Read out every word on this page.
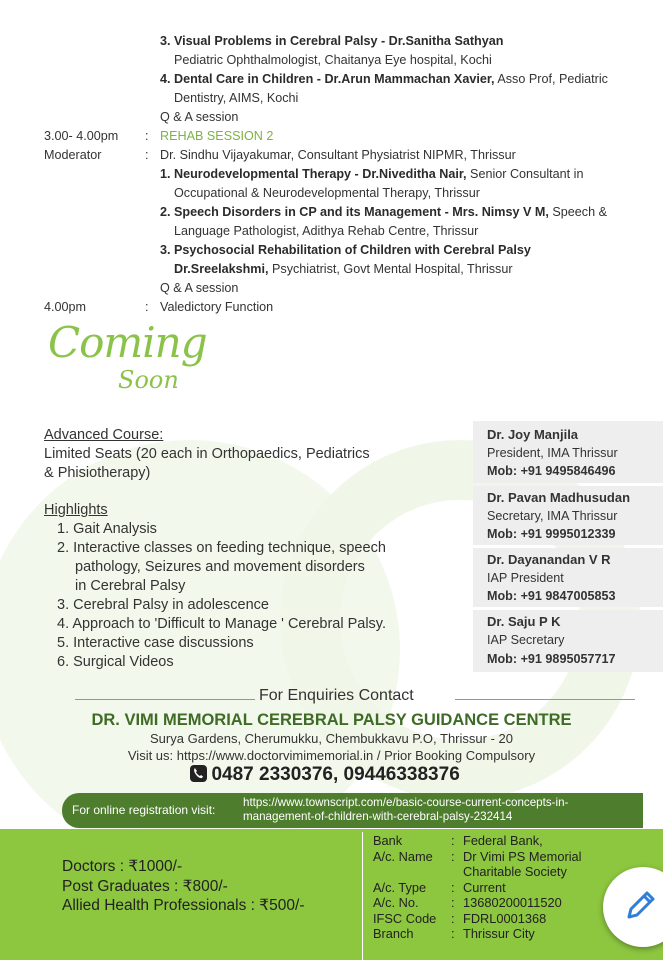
3. Visual Problems in Cerebral Palsy - Dr.Sanitha Sathyan
Pediatric Ophthalmologist, Chaitanya Eye hospital, Kochi
4. Dental Care in Children - Dr.Arun Mammachan Xavier, Asso Prof, Pediatric
Dentistry, AIMS, Kochi
Q & A session
3.00- 4.00pm : REHAB SESSION 2
Moderator	: Dr. Sindhu Vijayakumar, Consultant Physiatrist NIPMR, Thrissur
1. Neurodevelopmental Therapy - Dr.Niveditha Nair, Senior Consultant in
Occupational & Neurodevelopmental Therapy, Thrissur
2. Speech Disorders in CP and its Management - Mrs. Nimsy V M, Speech &
Language Pathologist, Adithya Rehab Centre, Thrissur
3. Psychosocial Rehabilitation of Children with Cerebral Palsy
Dr.Sreelakshmi, Psychiatrist, Govt Mental Hospital, Thrissur
Q & A session
4.00pm	: Valedictory Function
Coming
Soon
Advanced Course:
Limited Seats (20 each in Orthopaedics, Pediatrics
& Phisiotherapy)
Highlights
1. Gait Analysis
2. Interactive classes on feeding technique, speech
pathology, Seizures and movement disorders
in Cerebral Palsy
3. Cerebral Palsy in adolescence
4. Approach to 'Difficult to Manage ' Cerebral Palsy.
5. Interactive case discussions
6. Surgical Videos
Dr. Joy Manjila
President, IMA Thrissur
Mob: +91 9495846496
Dr. Pavan Madhusudan
Secretary, IMA Thrissur
Mob: +91 9995012339
Dr. Dayanandan V R
IAP President
Mob: +91 9847005853
Dr. Saju P K
IAP Secretary
Mob: +91 9895057717
For Enquiries Contact
DR. VIMI MEMORIAL CEREBRAL PALSY GUIDANCE CENTRE
Surya Gardens, Cherumukku, Chembukkavu P.O, Thrissur - 20
Visit us: https://www.doctorvimimemorial.in / Prior Booking Compulsory
0487 2330376, 09446338376
For online registration visit:
https://www.townscript.com/e/basic-course-current-concepts-in-
management-of-children-with-cerebral-palsy-232414
Doctors : ₹1000/-
Post Graduates : ₹800/-
Allied Health Professionals : ₹500/-
Bank	:	Federal Bank,
A/c. Name	:	Dr Vimi PS Memorial
		Charitable Society
A/c. Type	:	Current
A/c. No.	:	13680200011520
IFSC Code	:	FDRL0001368
Branch	:	Thrissur City
